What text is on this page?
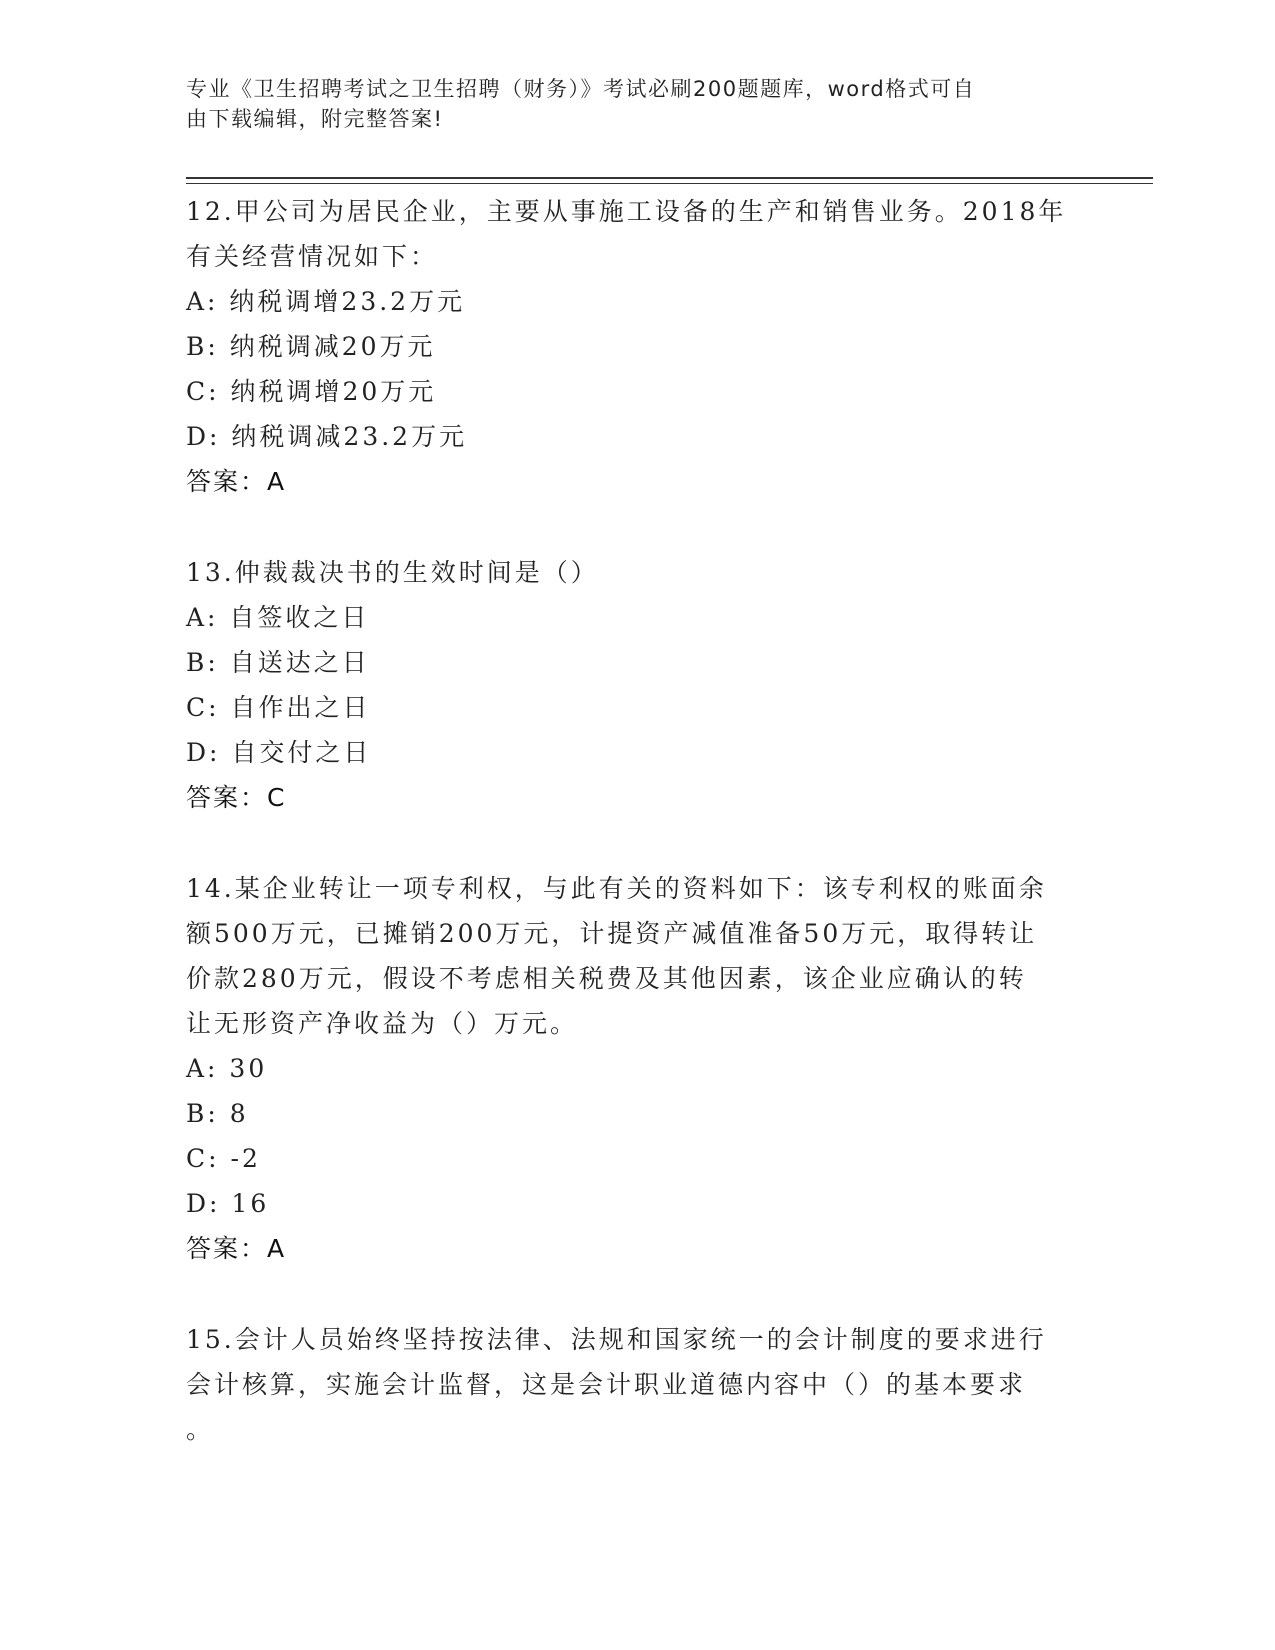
专业《卫生招聘考试之卫生招聘（财务）》考试必刷200题题库，word格式可自
由下载编辑，附完整答案!

12.甲公司为居民企业，主要从事施工设备的生产和销售业务。2018年

有关经营情况如下：

A: 纳税调增23.2万元

B: 纳税调减20万元

C: 纳税调增20万元

D: 纳税调减23.2万元

答案：A

13.仲裁裁决书的生效时间是（）

A: 自签收之日

B: 自送达之日

C: 自作出之日

D: 自交付之日

答案：C

14.某企业转让一项专利权，与此有关的资料如下：该专利权的账面余

额500万元，已摊销200万元，计提资产减值准备50万元，取得转让

价款280万元，假设不考虑相关税费及其他因素，该企业应确认的转

让无形资产净收益为（）万元。

A: 30

B: 8

C: -2

D: 16

答案：A

15.会计人员始终坚持按法律、法规和国家统一的会计制度的要求进行

会计核算，实施会计监督，这是会计职业道德内容中（）的基本要求

。
